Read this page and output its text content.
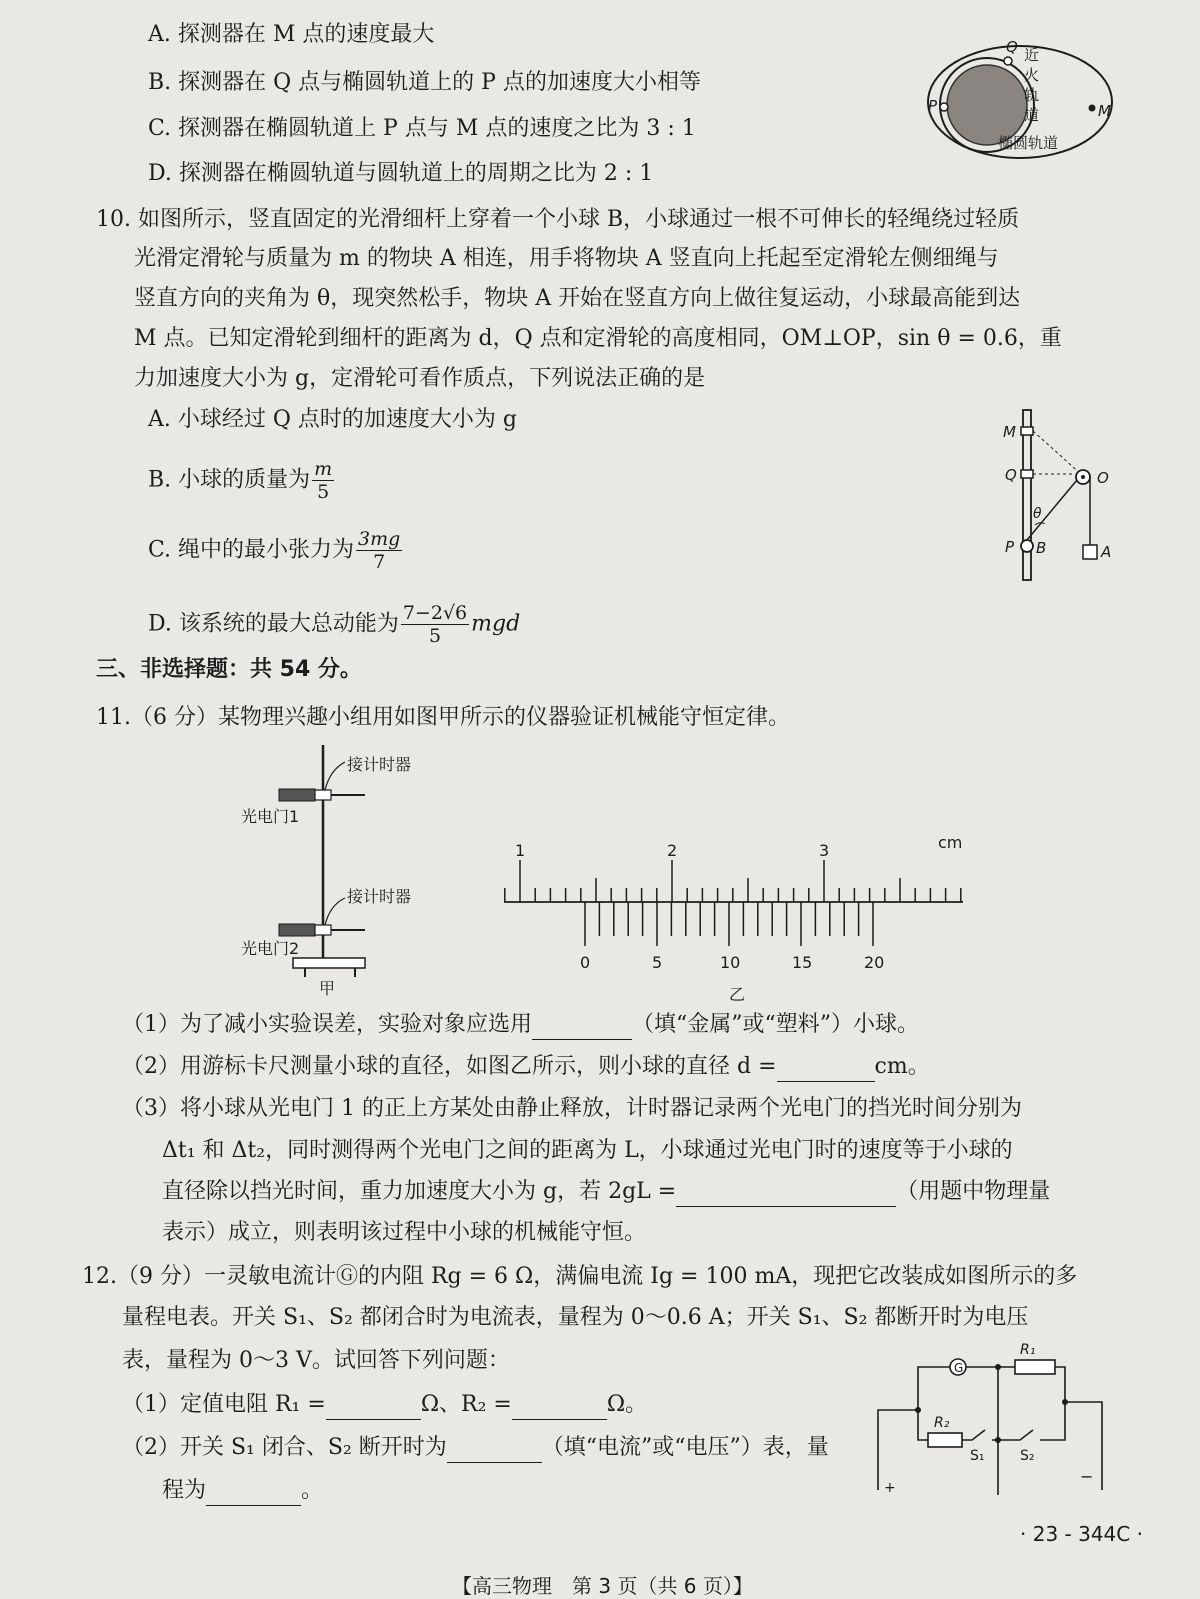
A. 探测器在 M 点的速度最大
B. 探测器在 Q 点与椭圆轨道上的 P 点的加速度大小相等
C. 探测器在椭圆轨道上 P 点与 M 点的速度之比为 3 : 1
D. 探测器在椭圆轨道与圆轨道上的周期之比为 2 : 1
Q
P	M
近
火
轨
道
椭圆轨道
10. 如图所示，竖直固定的光滑细杆上穿着一个小球 B，小球通过一根不可伸长的轻绳绕过轻质
光滑定滑轮与质量为 m 的物块 A 相连，用手将物块 A 竖直向上托起至定滑轮左侧细绳与
竖直方向的夹角为 θ，现突然松手，物块 A 开始在竖直方向上做往复运动，小球最高能到达
M 点。已知定滑轮到细杆的距离为 d，Q 点和定滑轮的高度相同，OM⊥OP，sin θ = 0.6，重
力加速度大小为 g，定滑轮可看作质点，下列说法正确的是
A. 小球经过 Q 点时的加速度大小为 g
B. 小球的质量为 $\frac{m}{5}$
C. 绳中的最小张力为 $\frac{3mg}{7}$
D. 该系统的最大总动能为 $\frac{7-2√6}{5}$ mgd
M
Q	O
θ
P B	A
三、非选择题：共 54 分。
11.（6 分）某物理兴趣小组用如图甲所示的仪器验证机械能守恒定律。
接计时器
光电门1
接计时器
光电门2
甲
1	2	3
0	5	10	15	20
cm
乙
（1）为了减小实验误差，实验对象应选用	（填“金属”或“塑料”）小球。
（2）用游标卡尺测量小球的直径，如图乙所示，则小球的直径 d =	cm。
（3）将小球从光电门 1 的正上方某处由静止释放，计时器记录两个光电门的挡光时间分别为
Δt₁ 和 Δt₂，同时测得两个光电门之间的距离为 L，小球通过光电门时的速度等于小球的
直径除以挡光时间，重力加速度大小为 g，若 2gL =	（用题中物理量
表示）成立，则表明该过程中小球的机械能守恒。
12.（9 分）一灵敏电流计Ⓖ的内阻 Rg = 6 Ω，满偏电流 Ig = 100 mA，现把它改装成如图所示的多
量程电表。开关 S₁、S₂ 都闭合时为电流表，量程为 0～0.6 A；开关 S₁、S₂ 都断开时为电压
表，量程为 0～3 V。试回答下列问题：
（1）定值电阻 R₁ =	Ω、R₂ =	Ω。
（2）开关 S₁ 闭合、S₂ 断开时为	（填“电流”或“电压”）表，量
程为	。
G
R₁
R₂
S₁	S₂
+
−
· 23 - 344C ·
【高三物理　第 3 页（共 6 页）】
